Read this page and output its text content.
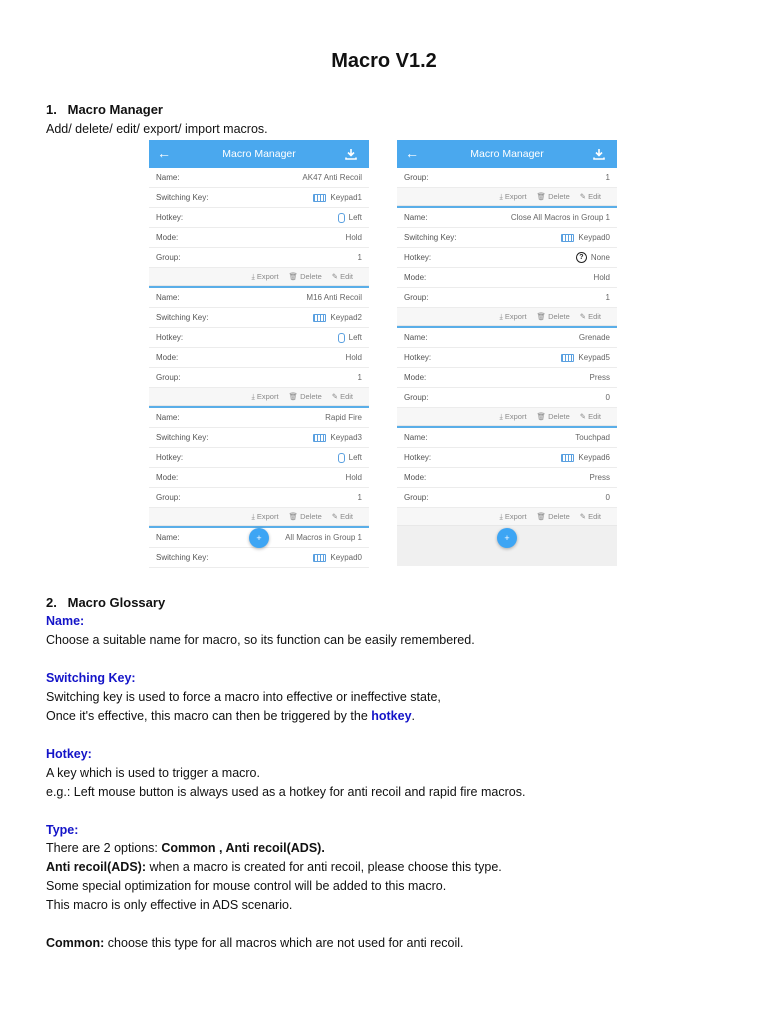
Macro V1.2
1. Macro Manager
Add/ delete/ edit/ export/ import macros.
←	Macro Manager
Name:	AK47 Anti Recoil
Switching Key:	Keypad1
Hotkey:	Left
Mode:	Hold
Group:	1
⤓ Export 🗑 Delete ✎ Edit
Name:	M16 Anti Recoil
Switching Key:	Keypad2
Hotkey:	Left
Mode:	Hold
Group:	1
⤓ Export 🗑 Delete ✎ Edit
Name:	Rapid Fire
Switching Key:	Keypad3
Hotkey:	Left
Mode:	Hold
Group:	1
⤓ Export 🗑 Delete ✎ Edit
Name:	All Macros in Group 1
Switching Key:	Keypad0
+
←	Macro Manager
Group:	1
⤓ Export 🗑 Delete ✎ Edit
Name:	Close All Macros in Group 1
Switching Key:	Keypad0
Hotkey:	? None
Mode:	Hold
Group:	1
⤓ Export 🗑 Delete ✎ Edit
Name:	Grenade
Hotkey:	Keypad5
Mode:	Press
Group:	0
⤓ Export 🗑 Delete ✎ Edit
Name:	Touchpad
Hotkey:	Keypad6
Mode:	Press
Group:	0
⤓ Export 🗑 Delete ✎ Edit
+
2. Macro Glossary
Name:
Choose a suitable name for macro, so its function can be easily remembered.
Switching Key:
Switching key is used to force a macro into effective or ineffective state,
Once it's effective, this macro can then be triggered by the hotkey.
Hotkey:
A key which is used to trigger a macro.
e.g.: Left mouse button is always used as a hotkey for anti recoil and rapid fire macros.
Type:
There are 2 options: Common , Anti recoil(ADS).
Anti recoil(ADS): when a macro is created for anti recoil, please choose this type.
Some special optimization for mouse control will be added to this macro.
This macro is only effective in ADS scenario.
Common: choose this type for all macros which are not used for anti recoil.
